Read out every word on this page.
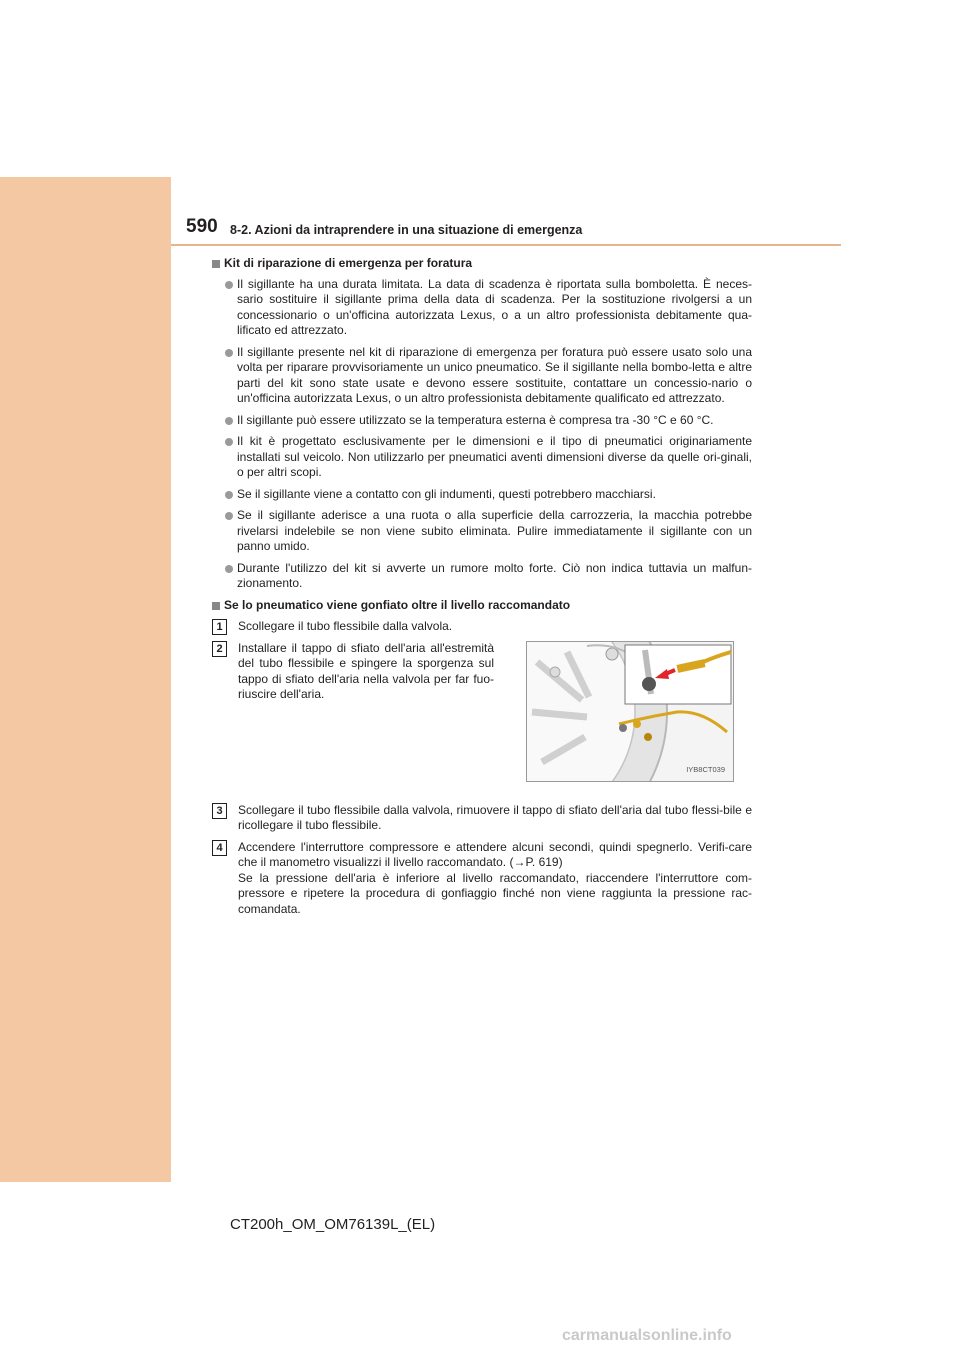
590 8-2. Azioni da intraprendere in una situazione di emergenza
Kit di riparazione di emergenza per foratura
Il sigillante ha una durata limitata. La data di scadenza è riportata sulla bomboletta. È neces-sario sostituire il sigillante prima della data di scadenza. Per la sostituzione rivolgersi a un concessionario o un'officina autorizzata Lexus, o a un altro professionista debitamente qua-lificato ed attrezzato.
Il sigillante presente nel kit di riparazione di emergenza per foratura può essere usato solo una volta per riparare provvisoriamente un unico pneumatico. Se il sigillante nella bombo-letta e altre parti del kit sono state usate e devono essere sostituite, contattare un concessio-nario o un'officina autorizzata Lexus, o un altro professionista debitamente qualificato ed attrezzato.
Il sigillante può essere utilizzato se la temperatura esterna è compresa tra -30 °C e 60 °C.
Il kit è progettato esclusivamente per le dimensioni e il tipo di pneumatici originariamente installati sul veicolo. Non utilizzarlo per pneumatici aventi dimensioni diverse da quelle ori-ginali, o per altri scopi.
Se il sigillante viene a contatto con gli indumenti, questi potrebbero macchiarsi.
Se il sigillante aderisce a una ruota o alla superficie della carrozzeria, la macchia potrebbe rivelarsi indelebile se non viene subito eliminata. Pulire immediatamente il sigillante con un panno umido.
Durante l'utilizzo del kit si avverte un rumore molto forte. Ciò non indica tuttavia un malfun-zionamento.
Se lo pneumatico viene gonfiato oltre il livello raccomandato
1	Scollegare il tubo flessibile dalla valvola.
2	Installare il tappo di sfiato dell'aria all'estremità del tubo flessibile e spingere la sporgenza sul tappo di sfiato dell'aria nella valvola per far fuo-riuscire dell'aria.
IYB8CT039
3	Scollegare il tubo flessibile dalla valvola, rimuovere il tappo di sfiato dell'aria dal tubo flessi-bile e ricollegare il tubo flessibile.
4	Accendere l'interruttore compressore e attendere alcuni secondi, quindi spegnerlo. Verifi-care che il manometro visualizzi il livello raccomandato. (→P. 619)
Se la pressione dell'aria è inferiore al livello raccomandato, riaccendere l'interruttore com-pressore e ripetere la procedura di gonfiaggio finché non viene raggiunta la pressione rac-comandata.
CT200h_OM_OM76139L_(EL)
carmanualsonline.info
